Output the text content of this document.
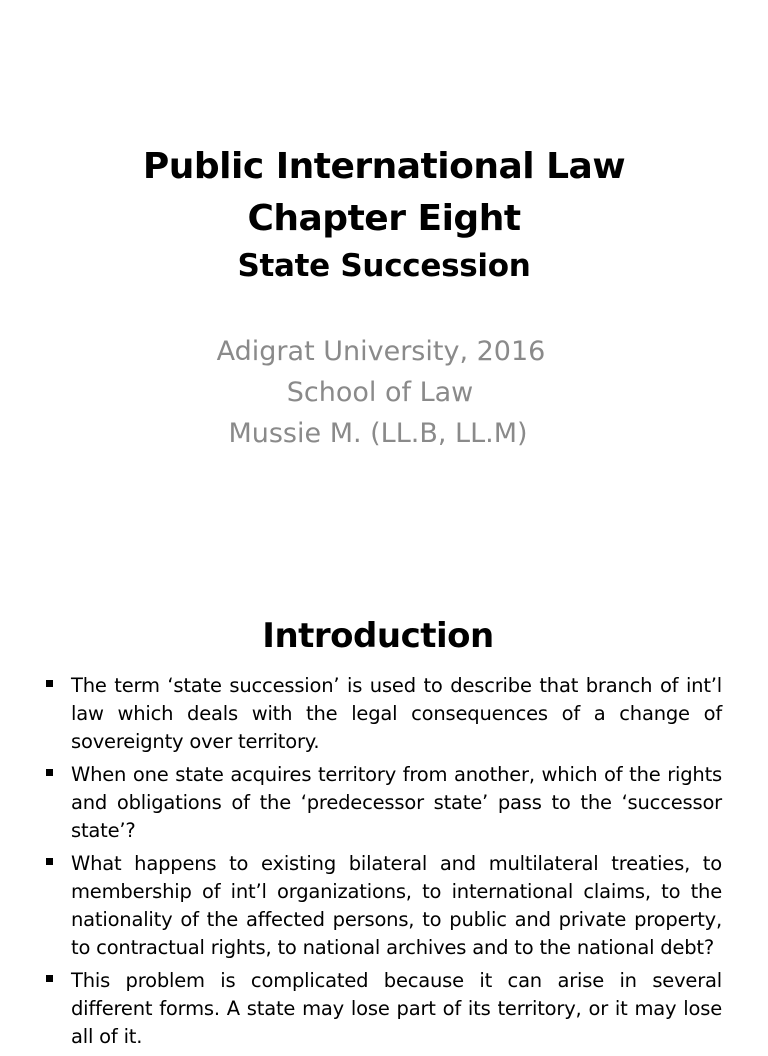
Public International Law
Chapter Eight
State Succession
Adigrat University, 2016
School of Law
Mussie M. (LL.B, LL.M)
Introduction
The term ‘state succession’ is used to describe that branch of int’l law which deals with the legal consequences of a change of sovereignty over territory.
When one state acquires territory from another, which of the rights and obligations of the ‘predecessor state’ pass to the ‘successor state’?
What happens to existing bilateral and multilateral treaties, to membership of int’l organizations, to international claims, to the nationality of the affected persons, to public and private property, to contractual rights, to national archives and to the national debt?
This problem is complicated because it can arise in several different forms. A state may lose part of its territory, or it may lose all of it.
